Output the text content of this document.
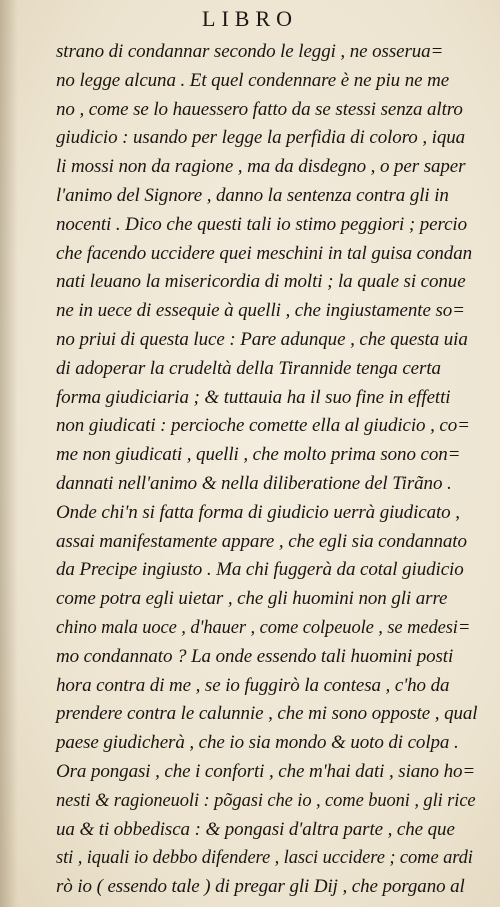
LIBRO
strano di condannar secondo le leggi , ne osserua=
no legge alcuna . Et quel condennare è ne piu ne me
no , come se lo hauessero fatto da se stessi senza altro
giudicio : usando per legge la perfidia di coloro , iqua
li mossi non da ragione , ma da disdegno , o per saper
l'animo del Signore , danno la sentenza contra gli in
nocenti . Dico che questi tali io stimo peggiori ; percio
che facendo uccidere quei meschini in tal guisa condan
nati leuano la misericordia di molti ; la quale si conue
ne in uece di essequie à quelli , che ingiustamente so=
no priui di questa luce : Pare adunque , che questa uia
di adoperar la crudeltà della Tirannide tenga certa
forma giudiciaria ; & tuttauia ha il suo fine in effetti
non giudicati : percioche comette ella al giudicio , co=
me non giudicati , quelli , che molto prima sono con=
dannati nell'animo & nella diliberatione del Tirãno .
Onde chi'n si fatta forma di giudicio uerrà giudicato ,
assai manifestamente appare , che egli sia condannato
da Precipe ingiusto . Ma chi fuggerà da cotal giudicio
come potra egli uietar , che gli huomini non gli arre
chino mala uoce , d'hauer , come colpeuole , se medesi=
mo condannato ? La onde essendo tali huomini posti
hora contra di me , se io fuggirò la contesa , c'ho da
prendere contra le calunnie , che mi sono opposte , qual
paese giudicherà , che io sia mondo & uoto di colpa .
Ora pongasi , che i conforti , che m'hai dati , siano ho=
nesti & ragioneuoli : põgasi che io , come buoni , gli rice
ua & ti obbedisca : & pongasi d'altra parte , che que
sti , iquali io debbo difendere , lasci uccidere ; come ardi
rò io ( essendo tale ) di pregar gli Dij , che porgano al
